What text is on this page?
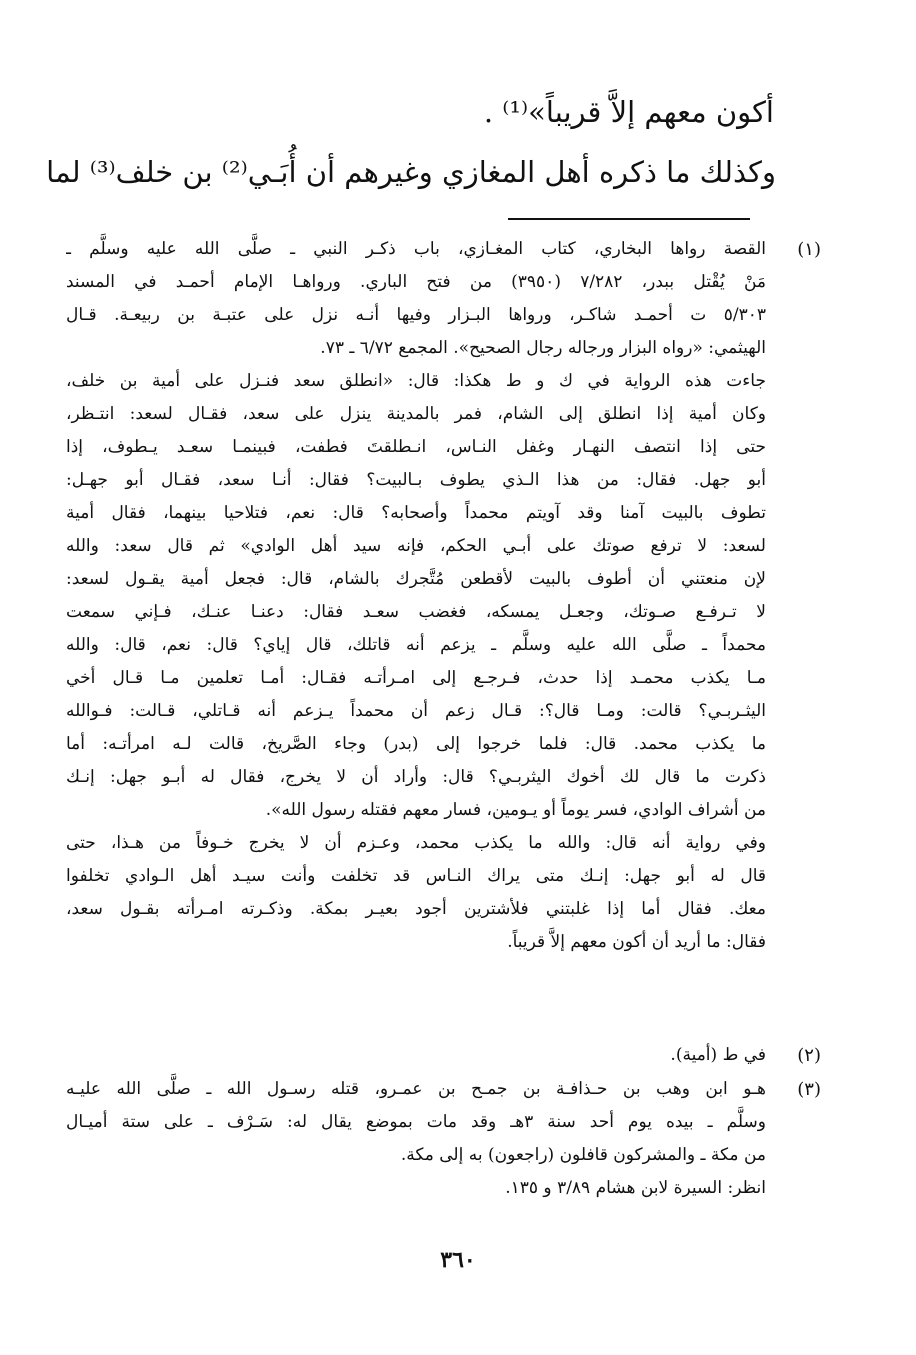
أكون معهم إلاَّ قريباً»⁽¹⁾ .
وكذلك ما ذكره أهل المغازي وغيرهم أن أُبَـي⁽²⁾ بن خلف⁽³⁾ لما
(١)
القصة رواها البخاري، كتاب المغـازي، باب ذكـر النبي ـ صلَّى الله عليه وسلَّم ـ
مَنْ يُقْتل ببدر، ٧/٢٨٢ (٣٩٥٠) من فتح الباري. ورواهـا الإمام أحمـد في المسند
٥/٣٠٣ ت أحمـد شاكـر، ورواها البـزار وفيها أنـه نزل على عتبـة بن ربيعـة. قـال
الهيثمي: «رواه البزار ورجاله رجال الصحيح». المجمع ٦/٧٢ ـ ٧٣.
جاءت هذه الرواية في ك و ط هكذا: قال: «انطلق سعد فنـزل على أمية بن خلف،
وكان أمية إذا انطلق إلى الشام، فمر بالمدينة ينزل على سعد، فقـال لسعد: انتـظر،
حتى إذا انتصف النهـار وغفل النـاس، انـطلقتَ فطفت، فبينمـا سعـد يـطوف، إذا
أبو جهل. فقال: من هذا الـذي يطوف بـالبيت؟ فقال: أنـا سعد، فقـال أبو جهـل:
تطوف بالبيت آمنا وقد آويتم محمداً وأصحابه؟ قال: نعم، فتلاحيا بينهما، فقال أمية
لسعد: لا ترفع صوتك على أبـي الحكم، فإنه سيد أهل الوادي» ثم قال سعد: والله
لإن منعتني أن أطوف بالبيت لأقطعن مُتَّجرك بالشام، قال: فجعل أمية يقـول لسعد:
لا تـرفـع صـوتك، وجعـل يمسكه، فغضب سعـد فقال: دعنـا عنـك، فـإني سمعت
محمداً ـ صلَّى الله عليه وسلَّم ـ يزعم أنه قاتلك، قال إياي؟ قال: نعم، قال: والله
مـا يكذب محمـد إذا حدث، فـرجـع إلى امـرأتـه فقـال: أمـا تعلمين مـا قـال أخي
اليثـربـي؟ قالت: ومـا قال؟: قـال زعم أن محمداً يـزعم أنه قـاتلي، قـالت: فـوالله
ما يكذب محمد. قال: فلما خرجوا إلى (بدر) وجاء الصَّريخ، قالت لـه امرأتـه: أما
ذكرت ما قال لك أخوك اليثربـي؟ قال: وأراد أن لا يخرج، فقال له أبـو جهل: إنـك
من أشراف الوادي، فسر يوماً أو يـومين، فسار معهم فقتله رسول الله».
وفي رواية أنه قال: والله ما يكذب محمد، وعـزم أن لا يخرج خـوفاً من هـذا، حتى
قال له أبو جهل: إنـك متى يراك النـاس قد تخلفت وأنت سيـد أهل الـوادي تخلفوا
معك. فقال أما إذا غلبتني فلأشترين أجود بعيـر بمكة. وذكـرته امـرأته بقـول سعد،
فقال: ما أريد أن أكون معهم إلاَّ قريباً.
(٢)
في ط (أمية).
(٣)
هـو ابن وهب بن حـذافـة بن جمـح بن عمـرو، قتله رسـول الله ـ صلَّى الله عليـه
وسلَّم ـ بيده يوم أحد سنة ٣هـ وقد مات بموضع يقال له: سَـرْف ـ على ستة أميـال
من مكة ـ والمشركون قافلون (راجعون) به إلى مكة.
انظر: السيرة لابن هشام ٣/٨٩ و ١٣٥.
٣٦٠
